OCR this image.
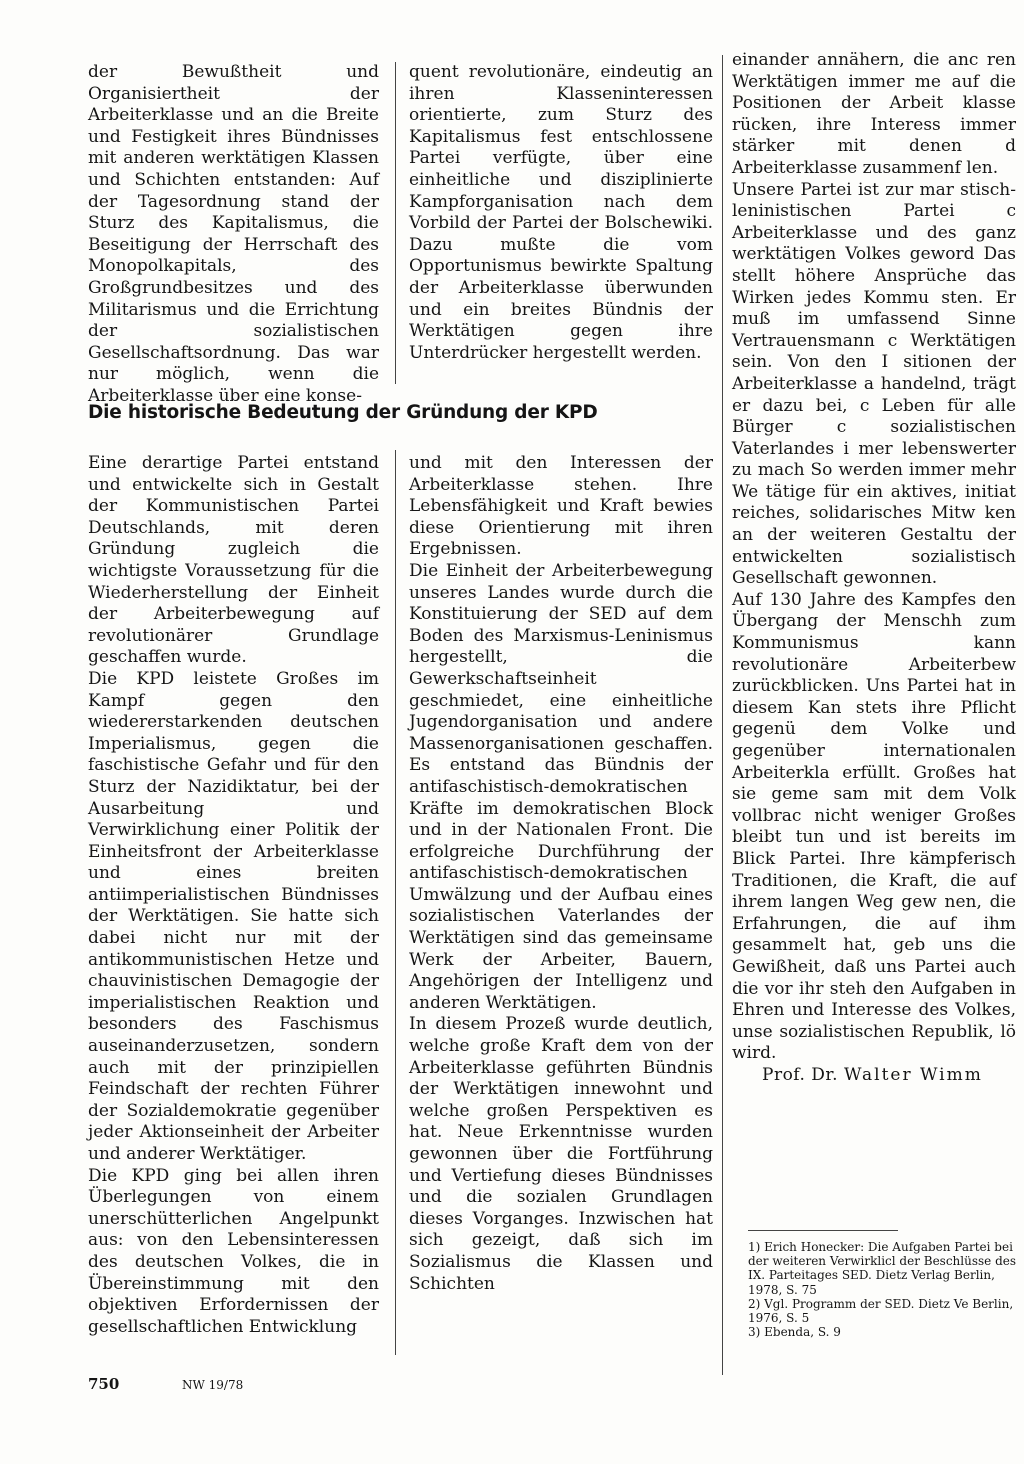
der Bewußtheit und Organisiertheit der Arbeiterklasse und an die Breite und Festigkeit ihres Bündnisses mit anderen werktätigen Klassen und Schichten entstanden: Auf der Tagesordnung stand der Sturz des Kapitalismus, die Beseitigung der Herrschaft des Monopolkapitals, des Großgrundbesitzes und des Militarismus und die Errichtung der sozialistischen Gesellschaftsordnung. Das war nur möglich, wenn die Arbeiterklasse über eine konse-

quent revolutionäre, eindeutig an ihren Klasseninteressen orientierte, zum Sturz des Kapitalismus fest entschlossene Partei verfügte, über eine einheitliche und disziplinierte Kampforganisation nach dem Vorbild der Partei der Bolschewiki. Dazu mußte die vom Opportunismus bewirkte Spaltung der Arbeiterklasse überwunden und ein breites Bündnis der Werktätigen gegen ihre Unterdrücker hergestellt werden.

Die historische Bedeutung der Gründung der KPD

Eine derartige Partei entstand und entwickelte sich in Gestalt der Kommunistischen Partei Deutschlands, mit deren Gründung zugleich die wichtigste Voraussetzung für die Wiederherstellung der Einheit der Arbeiterbewegung auf revolutionärer Grundlage geschaffen wurde.

Die KPD leistete Großes im Kampf gegen den wiedererstarkenden deutschen Imperialismus, gegen die faschistische Gefahr und für den Sturz der Nazidiktatur, bei der Ausarbeitung und Verwirklichung einer Politik der Einheitsfront der Arbeiterklasse und eines breiten antiimperialistischen Bündnisses der Werktätigen. Sie hatte sich dabei nicht nur mit der antikommunistischen Hetze und chauvinistischen Demagogie der imperialistischen Reaktion und besonders des Faschismus auseinanderzusetzen, sondern auch mit der prinzipiellen Feindschaft der rechten Führer der Sozialdemokratie gegenüber jeder Aktionseinheit der Arbeiter und anderer Werktätiger.

Die KPD ging bei allen ihren Überlegungen von einem unerschütterlichen Angelpunkt aus: von den Lebensinteressen des deutschen Volkes, die in Übereinstimmung mit den objektiven Erfordernissen der gesellschaftlichen Entwicklung

und mit den Interessen der Arbeiterklasse stehen. Ihre Lebensfähigkeit und Kraft bewies diese Orientierung mit ihren Ergebnissen.

Die Einheit der Arbeiterbewegung unseres Landes wurde durch die Konstituierung der SED auf dem Boden des Marxismus-Leninismus hergestellt, die Gewerkschaftseinheit geschmiedet, eine einheitliche Jugendorganisation und andere Massenorganisationen geschaffen. Es entstand das Bündnis der antifaschistisch-demokratischen Kräfte im demokratischen Block und in der Nationalen Front. Die erfolgreiche Durchführung der antifaschistisch-demokratischen Umwälzung und der Aufbau eines sozialistischen Vaterlandes der Werktätigen sind das gemeinsame Werk der Arbeiter, Bauern, Angehörigen der Intelligenz und anderen Werktätigen.

In diesem Prozeß wurde deutlich, welche große Kraft dem von der Arbeiterklasse geführten Bündnis der Werktätigen innewohnt und welche großen Perspektiven es hat. Neue Erkenntnisse wurden gewonnen über die Fortführung und Vertiefung dieses Bündnisses und die sozialen Grundlagen dieses Vorganges. Inzwischen hat sich gezeigt, daß sich im Sozialismus die Klassen und Schichten

einander annähern, die anc ren Werktätigen immer me auf die Positionen der Arbeit klasse rücken, ihre Interess immer stärker mit denen d Arbeiterklasse zusammenf len.

Unsere Partei ist zur mar stisch-leninistischen Partei c Arbeiterklasse und des ganz werktätigen Volkes geword Das stellt höhere Ansprüche das Wirken jedes Kommu sten. Er muß im umfassend Sinne Vertrauensmann c Werktätigen sein. Von den I sitionen der Arbeiterklasse a handelnd, trägt er dazu bei, c Leben für alle Bürger c sozialistischen Vaterlandes i mer lebenswerter zu mach So werden immer mehr We tätige für ein aktives, initiat reiches, solidarisches Mitw ken an der weiteren Gestaltu der entwickelten sozialistisch Gesellschaft gewonnen.

Auf 130 Jahre des Kampfes den Übergang der Menschh zum Kommunismus kann revolutionäre Arbeiterbew zurückblicken. Uns Partei hat in diesem Kan stets ihre Pflicht gegenü dem Volke und gegenüber internationalen Arbeiterkla erfüllt. Großes hat sie geme sam mit dem Volk vollbrac nicht weniger Großes bleibt tun und ist bereits im Blick Partei. Ihre kämpferisch Traditionen, die Kraft, die auf ihrem langen Weg gew nen, die Erfahrungen, die auf ihm gesammelt hat, geb uns die Gewißheit, daß uns Partei auch die vor ihr steh den Aufgaben in Ehren und Interesse des Volkes, unse sozialistischen Republik, lö wird.

Prof. Dr. Walter Wimm

1) Erich Honecker: Die Aufgaben Partei bei der weiteren Verwirklicl der Beschlüsse des IX. Parteitages SED. Dietz Verlag Berlin, 1978, S. 75

2) Vgl. Programm der SED. Dietz Ve Berlin, 1976, S. 5

3) Ebenda, S. 9

750	NW 19/78
